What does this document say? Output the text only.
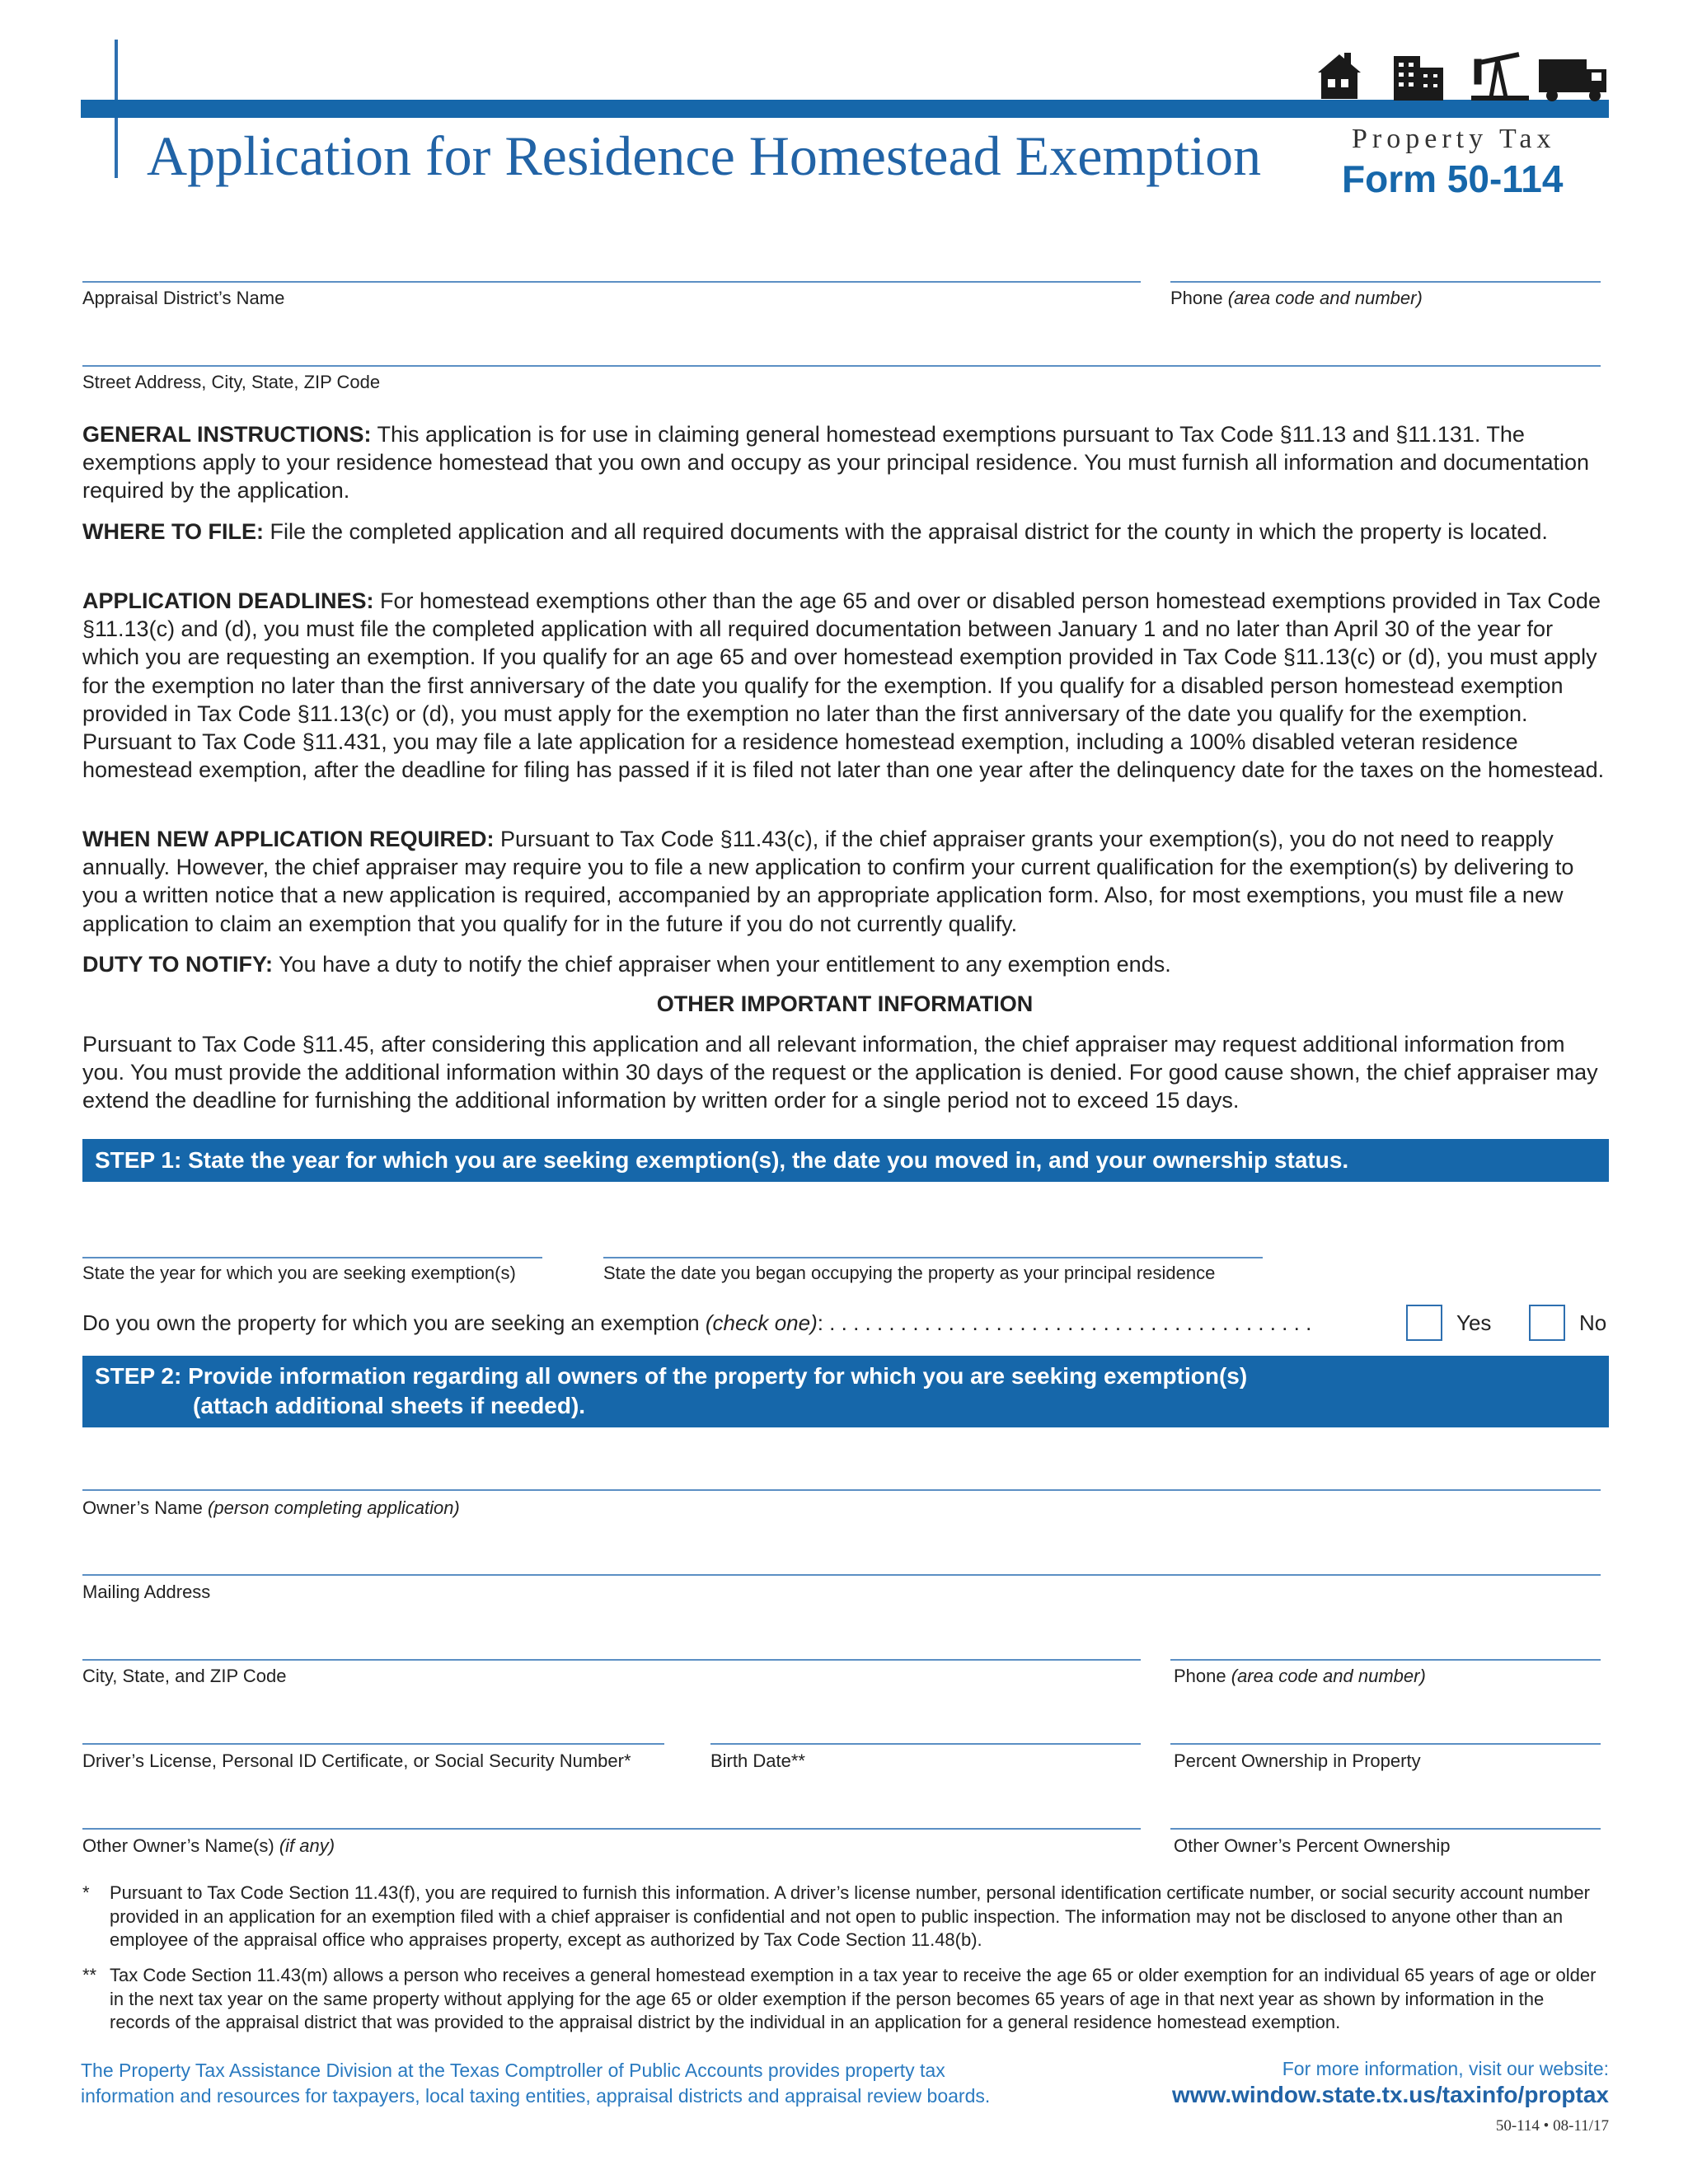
Application for Residence Homestead Exemption	Property Tax
Form 50-114
Appraisal District’s Name	Phone (area code and number)
Street Address, City, State, ZIP Code
GENERAL INSTRUCTIONS: This application is for use in claiming general homestead exemptions pursuant to Tax Code §11.13 and §11.131. The exemptions apply to your residence homestead that you own and occupy as your principal residence. You must furnish all information and documentation required by the application.
WHERE TO FILE: File the completed application and all required documents with the appraisal district for the county in which the property is located.
APPLICATION DEADLINES: For homestead exemptions other than the age 65 and over or disabled person homestead exemptions provided in Tax Code §11.13(c) and (d), you must file the completed application with all required documentation between January 1 and no later than April 30 of the year for which you are requesting an exemption. If you qualify for an age 65 and over homestead exemption provided in Tax Code §11.13(c) or (d), you must apply for the exemption no later than the first anniversary of the date you qualify for the exemption. If you qualify for a disabled person homestead exemption provided in Tax Code §11.13(c) or (d), you must apply for the exemption no later than the first anniversary of the date you qualify for the exemption. Pursuant to Tax Code §11.431, you may file a late application for a residence homestead exemption, including a 100% disabled veteran residence homestead exemption, after the deadline for filing has passed if it is filed not later than one year after the delinquency date for the taxes on the homestead.
WHEN NEW APPLICATION REQUIRED: Pursuant to Tax Code §11.43(c), if the chief appraiser grants your exemption(s), you do not need to reapply annually. However, the chief appraiser may require you to file a new application to confirm your current qualification for the exemption(s) by delivering to you a written notice that a new application is required, accompanied by an appropriate application form. Also, for most exemptions, you must file a new application to claim an exemption that you qualify for in the future if you do not currently qualify.
DUTY TO NOTIFY: You have a duty to notify the chief appraiser when your entitlement to any exemption ends.
OTHER IMPORTANT INFORMATION
Pursuant to Tax Code §11.45, after considering this application and all relevant information, the chief appraiser may request additional information from you. You must provide the additional information within 30 days of the request or the application is denied. For good cause shown, the chief appraiser may extend the deadline for furnishing the additional information by written order for a single period not to exceed 15 days.
STEP 1: State the year for which you are seeking exemption(s), the date you moved in, and your ownership status.
State the year for which you are seeking exemption(s)	State the date you began occupying the property as your principal residence
Do you own the property for which you are seeking an exemption (check one): . . . . . . . . . . . . . . . . . . . . . . . . . . . . . . . . . . . . . . . . .	Yes	No
STEP 2: Provide information regarding all owners of the property for which you are seeking exemption(s)
(attach additional sheets if needed).
Owner’s Name (person completing application)
Mailing Address
City, State, and ZIP Code	Phone (area code and number)
Driver’s License, Personal ID Certificate, or Social Security Number*	Birth Date**	Percent Ownership in Property
Other Owner’s Name(s) (if any)	Other Owner’s Percent Ownership
* Pursuant to Tax Code Section 11.43(f), you are required to furnish this information. A driver’s license number, personal identification certificate number, or social security account number provided in an application for an exemption filed with a chief appraiser is confidential and not open to public inspection. The information may not be disclosed to anyone other than an employee of the appraisal office who appraises property, except as authorized by Tax Code Section 11.48(b).
** Tax Code Section 11.43(m) allows a person who receives a general homestead exemption in a tax year to receive the age 65 or older exemption for an individual 65 years of age or older in the next tax year on the same property without applying for the age 65 or older exemption if the person becomes 65 years of age in that next year as shown by information in the records of the appraisal district that was provided to the appraisal district by the individual in an application for a general residence homestead exemption.
The Property Tax Assistance Division at the Texas Comptroller of Public Accounts provides property tax
information and resources for taxpayers, local taxing entities, appraisal districts and appraisal review boards.
For more information, visit our website:
www.window.state.tx.us/taxinfo/proptax
50-114 • 08-11/17
